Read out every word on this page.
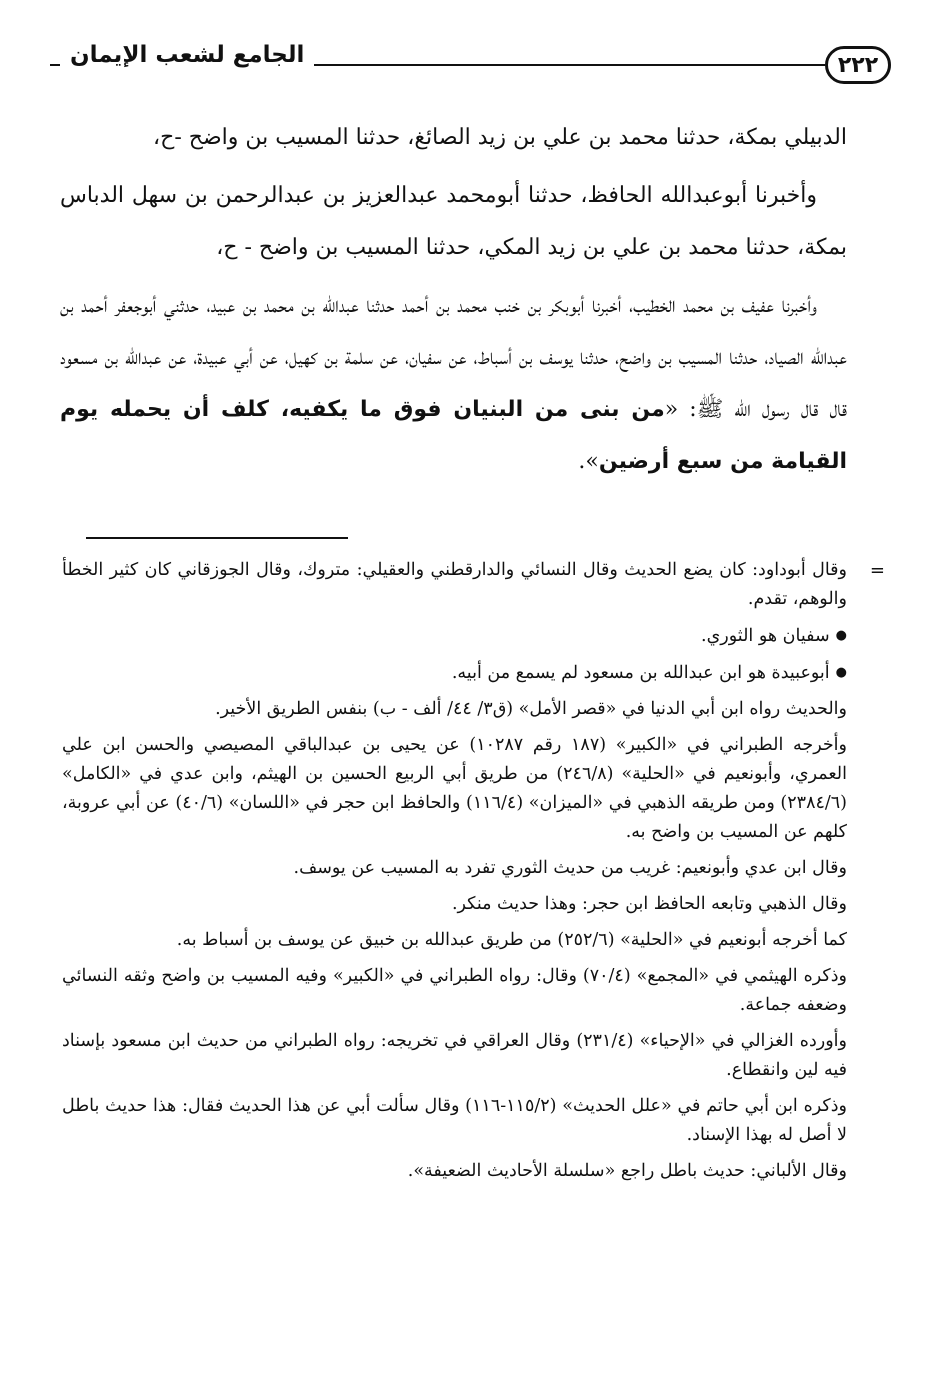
٢٢٢
الجامع لشعب الإيمان

الدبيلي بمكة، حدثنا محمد بن علي بن زيد الصائغ، حدثنا المسيب بن واضح -ح،

وأخبرنا أبوعبدالله الحافظ، حدثنا أبومحمد عبدالعزيز بن عبدالرحمن بن سهل الدباس بمكة، حدثنا محمد بن علي بن زيد المكي، حدثنا المسيب بن واضح - ح،

وأخبرنا عفيف بن محمد الخطيب، أخبرنا أبوبكر بن خنب محمد بن أحمد حدثنا عبدالله بن محمد بن عبيد، حدثني أبوجعفر أحمد بن عبدالله الصياد، حدثنا المسيب بن واضح، حدثنا يوسف بن أسباط، عن سفيان، عن سلمة بن كهيل، عن أبي عبيدة، عن عبدالله بن مسعود قال قال رسول الله ﷺ: «من بنى من البنيان فوق ما يكفيه، كلف أن يحمله يوم القيامة من سبع أرضين».

=
وقال أبوداود: كان يضع الحديث وقال النسائي والدارقطني والعقيلي: متروك، وقال الجوزقاني كان كثير الخطأ والوهم، تقدم.

●سفيان هو الثوري.

●أبوعبيدة هو ابن عبدالله بن مسعود لم يسمع من أبيه.

والحديث رواه ابن أبي الدنيا في «قصر الأمل» (ق٣/ ٤٤/ ألف - ب) بنفس الطريق الأخير.

وأخرجه الطبراني في «الكبير» (١٨٧ رقم ١٠٢٨٧) عن يحيى بن عبدالباقي المصيصي والحسن ابن علي العمري، وأبونعيم في «الحلية» (٢٤٦/٨) من طريق أبي الربيع الحسين بن الهيثم، وابن عدي في «الكامل» (٢٣٨٤/٦) ومن طريقه الذهبي في «الميزان» (١١٦/٤) والحافظ ابن حجر في «اللسان» (٤٠/٦) عن أبي عروبة، كلهم عن المسيب بن واضح به.

وقال ابن عدي وأبونعيم: غريب من حديث الثوري تفرد به المسيب عن يوسف.

وقال الذهبي وتابعه الحافظ ابن حجر: وهذا حديث منكر.

كما أخرجه أبونعيم في «الحلية» (٢٥٢/٦) من طريق عبدالله بن خبيق عن يوسف بن أسباط به.

وذكره الهيثمي في «المجمع» (٧٠/٤) وقال: رواه الطبراني في «الكبير» وفيه المسيب بن واضح وثقه النسائي وضعفه جماعة.

وأورده الغزالي في «الإحياء» (٢٣١/٤) وقال العراقي في تخريجه: رواه الطبراني من حديث ابن مسعود بإسناد فيه لين وانقطاع.

وذكره ابن أبي حاتم في «علل الحديث» (١١٥/٢-١١٦) وقال سألت أبي عن هذا الحديث فقال: هذا حديث باطل لا أصل له بهذا الإسناد.

وقال الألباني: حديث باطل راجع «سلسلة الأحاديث الضعيفة».
